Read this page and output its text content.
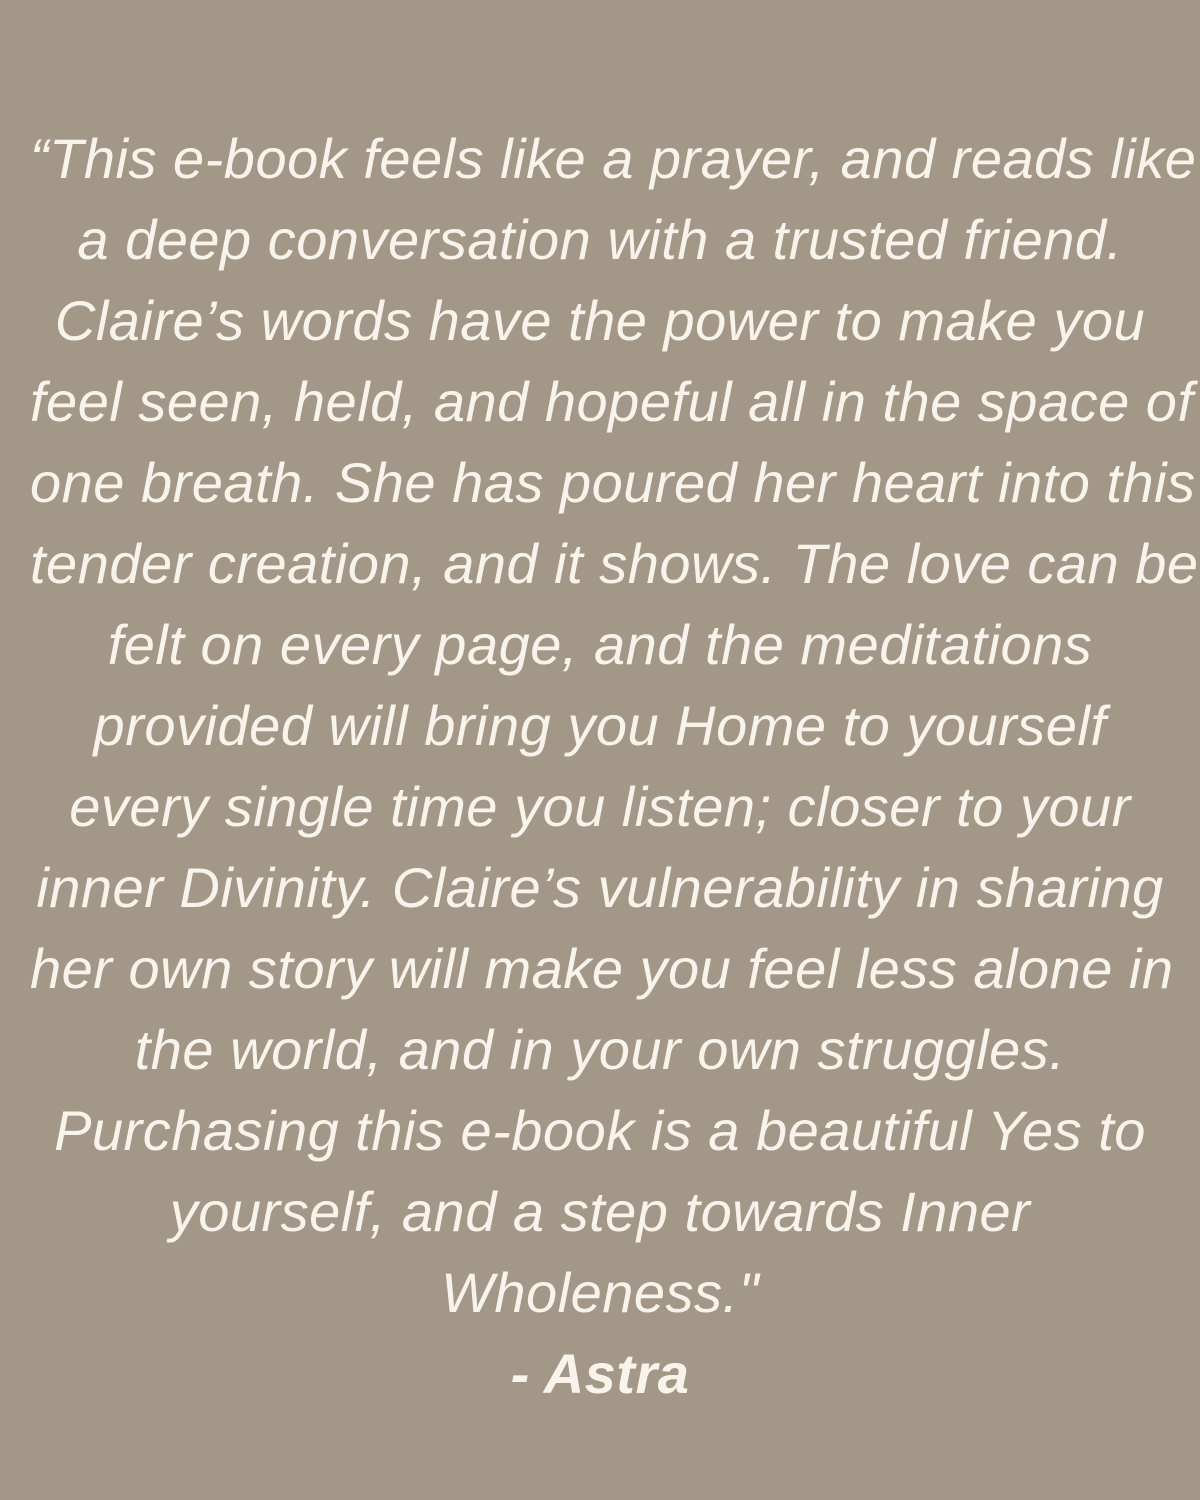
“This e-book feels like a prayer, and reads like
a deep conversation with a trusted friend.
Claire’s words have the power to make you
feel seen, held, and hopeful all in the space of
one breath. She has poured her heart into this
tender creation, and it shows. The love can be
felt on every page, and the meditations
provided will bring you Home to yourself
every single time you listen; closer to your
inner Divinity. Claire’s vulnerability in sharing
her own story will make you feel less alone in
the world, and in your own struggles.
Purchasing this e-book is a beautiful Yes to
yourself, and a step towards Inner
Wholeness."
- Astra
